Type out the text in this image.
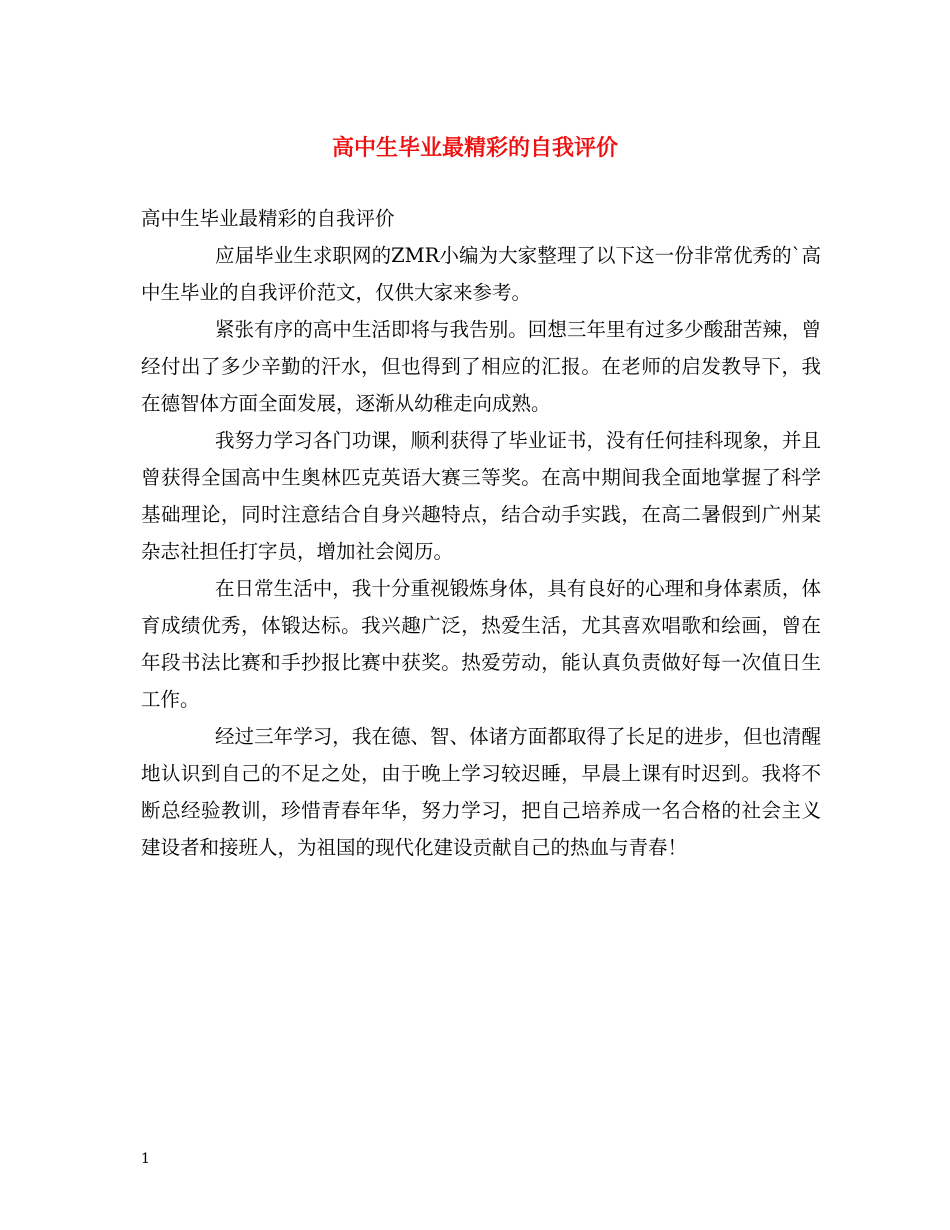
高中生毕业最精彩的自我评价

高中生毕业最精彩的自我评价

应届毕业生求职网的ZMR小编为大家整理了以下这一份非常优秀的`高中生毕业的自我评价范文，仅供大家来参考。

紧张有序的高中生活即将与我告别。回想三年里有过多少酸甜苦辣，曾经付出了多少辛勤的汗水，但也得到了相应的汇报。在老师的启发教导下，我在德智体方面全面发展，逐渐从幼稚走向成熟。

我努力学习各门功课，顺利获得了毕业证书，没有任何挂科现象，并且曾获得全国高中生奥林匹克英语大赛三等奖。在高中期间我全面地掌握了科学基础理论，同时注意结合自身兴趣特点，结合动手实践，在高二暑假到广州某杂志社担任打字员，增加社会阅历。

在日常生活中，我十分重视锻炼身体，具有良好的心理和身体素质，体育成绩优秀，体锻达标。我兴趣广泛，热爱生活，尤其喜欢唱歌和绘画，曾在年段书法比赛和手抄报比赛中获奖。热爱劳动，能认真负责做好每一次值日生工作。

经过三年学习，我在德、智、体诸方面都取得了长足的进步，但也清醒地认识到自己的不足之处，由于晚上学习较迟睡，早晨上课有时迟到。我将不断总经验教训，珍惜青春年华，努力学习，把自己培养成一名合格的社会主义建设者和接班人，为祖国的现代化建设贡献自己的热血与青春！

1
